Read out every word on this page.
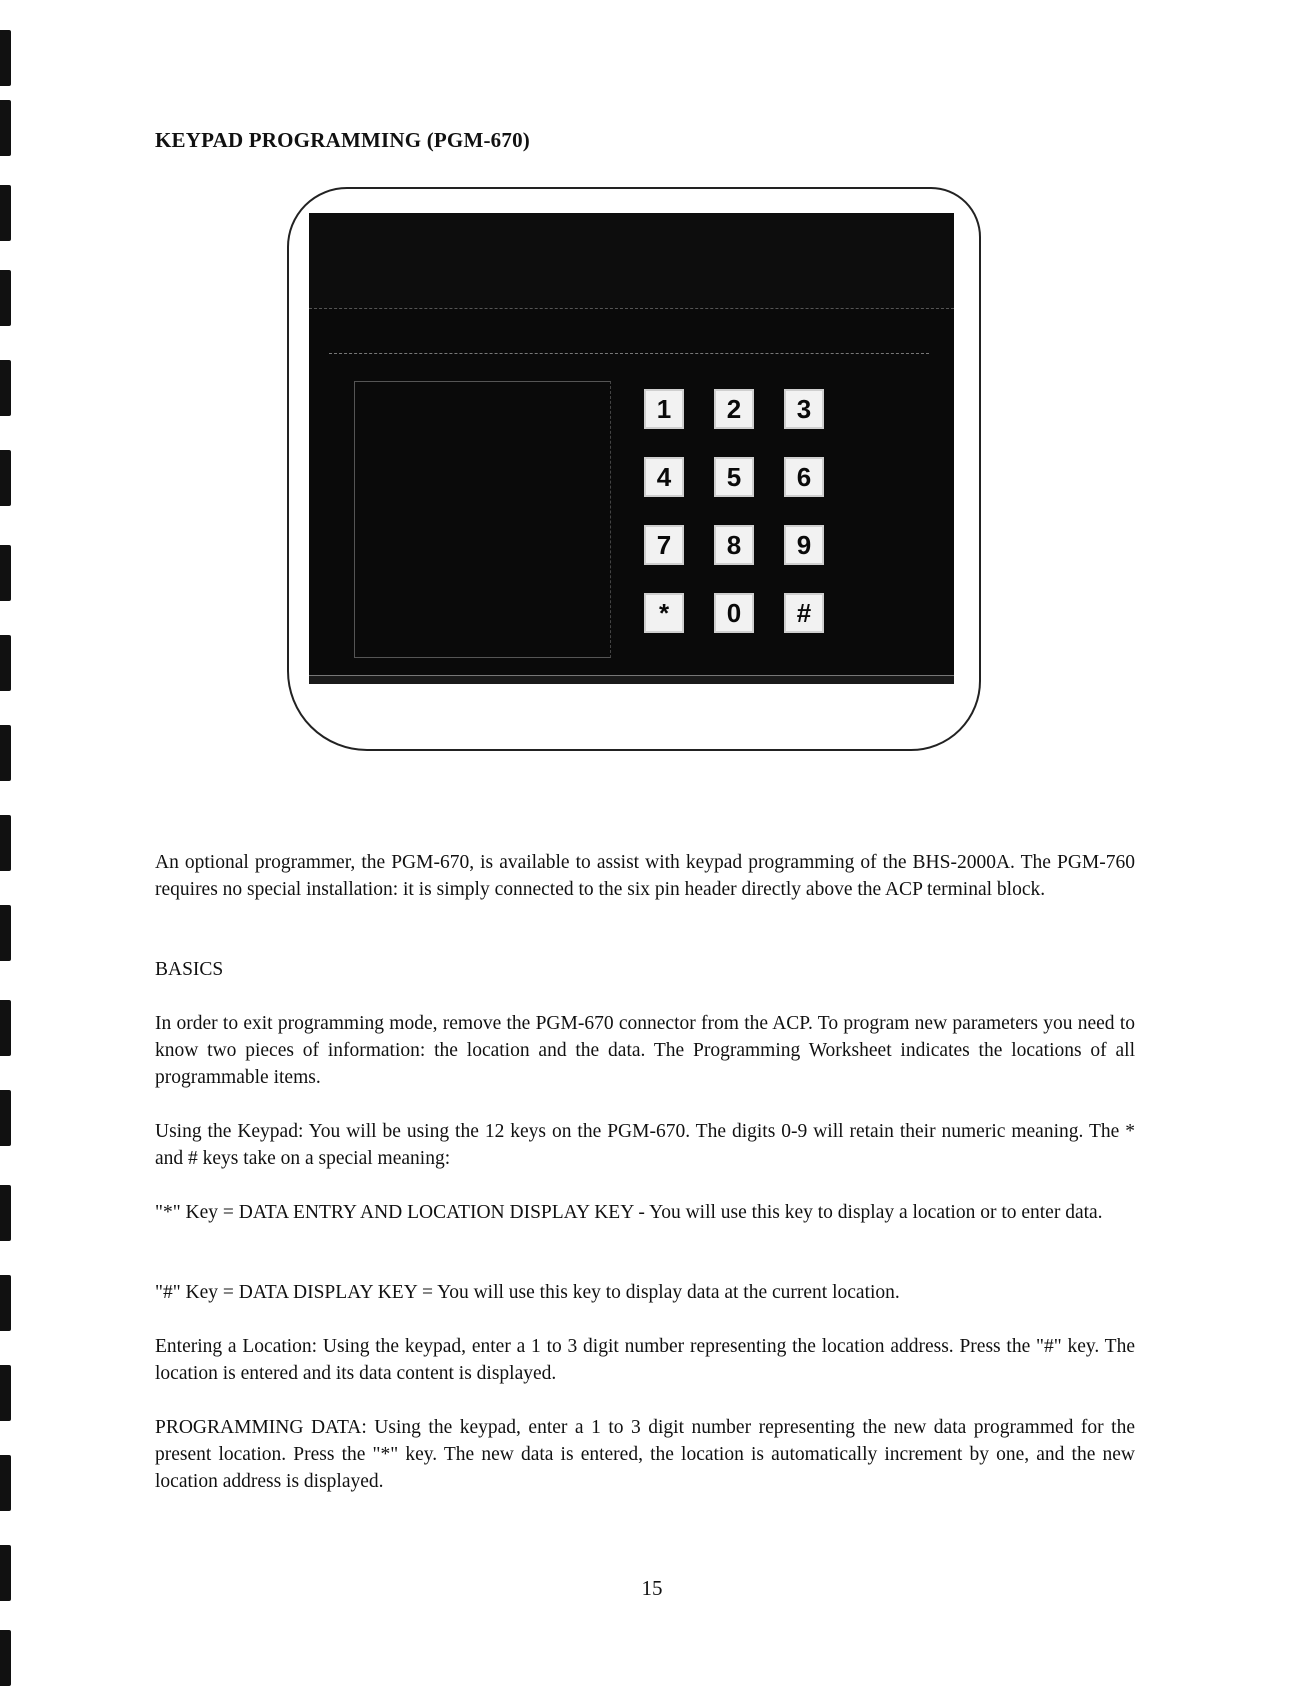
KEYPAD PROGRAMMING (PGM-670)
1	2	3
4	5	6
7	8	9
*	0	#

An optional programmer, the PGM-670, is available to assist with keypad programming of the BHS-2000A. The PGM-760 requires no special installation: it is simply connected to the six pin header directly above the ACP terminal block.

BASICS

In order to exit programming mode, remove the PGM-670 connector from the ACP. To program new parameters you need to know two pieces of information: the location and the data. The Programming Worksheet indicates the locations of all programmable items.

Using the Keypad: You will be using the 12 keys on the PGM-670. The digits 0-9 will retain their numeric meaning. The * and # keys take on a special meaning:

"*" Key = DATA ENTRY AND LOCATION DISPLAY KEY - You will use this key to display a location or to enter data.

"#" Key = DATA DISPLAY KEY = You will use this key to display data at the current location.

Entering a Location: Using the keypad, enter a 1 to 3 digit number representing the location address. Press the "#" key. The location is entered and its data content is displayed.

PROGRAMMING DATA: Using the keypad, enter a 1 to 3 digit number representing the new data programmed for the present location. Press the "*" key. The new data is entered, the location is automatically increment by one, and the new location address is displayed.

15
